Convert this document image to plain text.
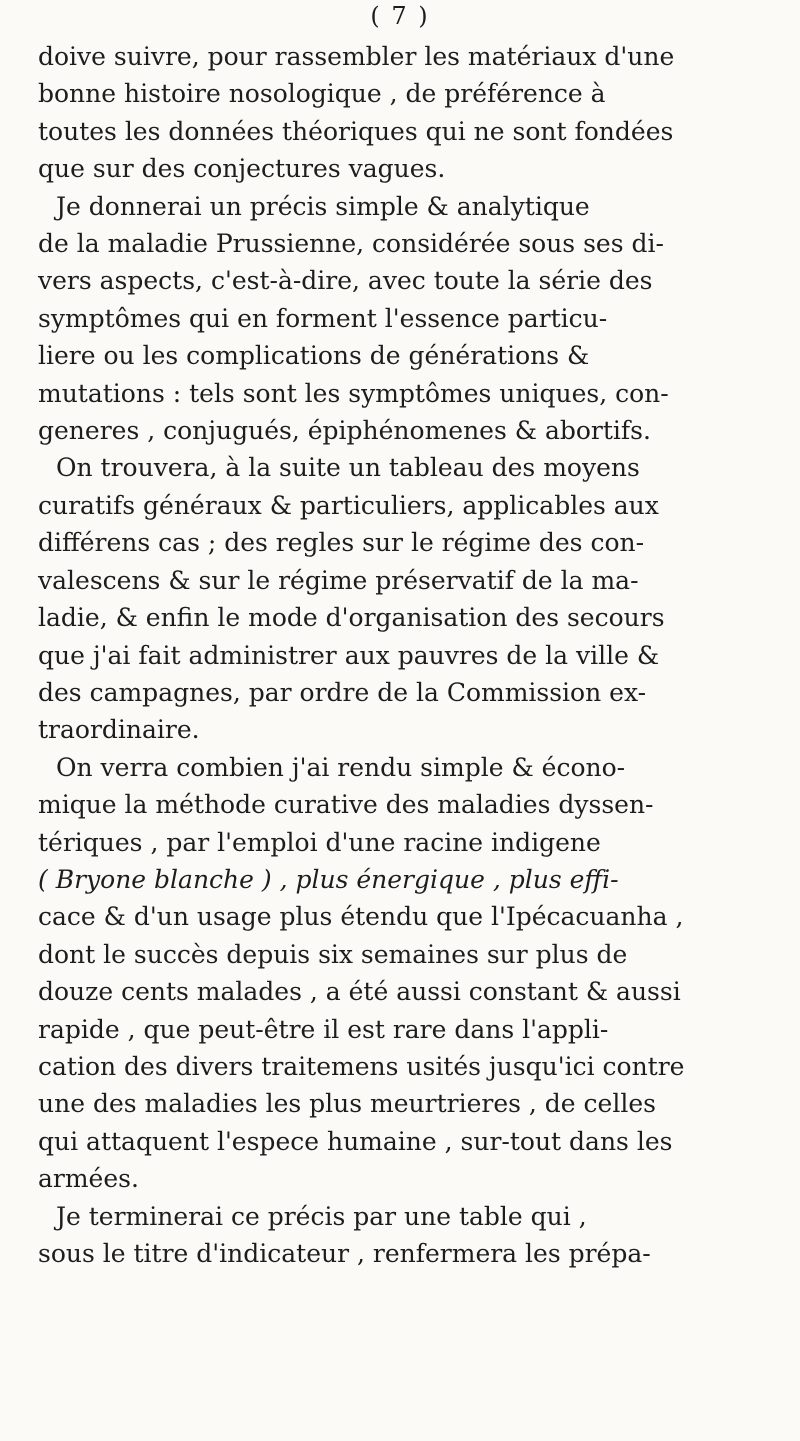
( 7 )
doive suivre, pour rassembler les matériaux d'une
bonne histoire nosologique , de préférence à
toutes les données théoriques qui ne sont fondées
que sur des conjectures vagues.
Je donnerai un précis simple & analytique
de la maladie Prussienne, considérée sous ses di-
vers aspects, c'est-à-dire, avec toute la série des
symptômes qui en forment l'essence particu-
liere ou les complications de générations &
mutations : tels sont les symptômes uniques, con-
generes , conjugués, épiphénomenes & abortifs.
On trouvera, à la suite un tableau des moyens
curatifs généraux & particuliers, applicables aux
différens cas ; des regles sur le régime des con-
valescens & sur le régime préservatif de la ma-
ladie, & enfin le mode d'organisation des secours
que j'ai fait administrer aux pauvres de la ville &
des campagnes, par ordre de la Commission ex-
traordinaire.
On verra combien j'ai rendu simple & écono-
mique la méthode curative des maladies dyssen-
tériques , par l'emploi d'une racine indigene
( Bryone blanche ) , plus énergique , plus effi-
cace & d'un usage plus étendu que l'Ipécacuanha ,
dont le succès depuis six semaines sur plus de
douze cents malades , a été aussi constant & aussi
rapide , que peut-être il est rare dans l'appli-
cation des divers traitemens usités jusqu'ici contre
une des maladies les plus meurtrieres , de celles
qui attaquent l'espece humaine , sur-tout dans les
armées.
Je terminerai ce précis par une table qui ,
sous le titre d'indicateur , renfermera les prépa-
